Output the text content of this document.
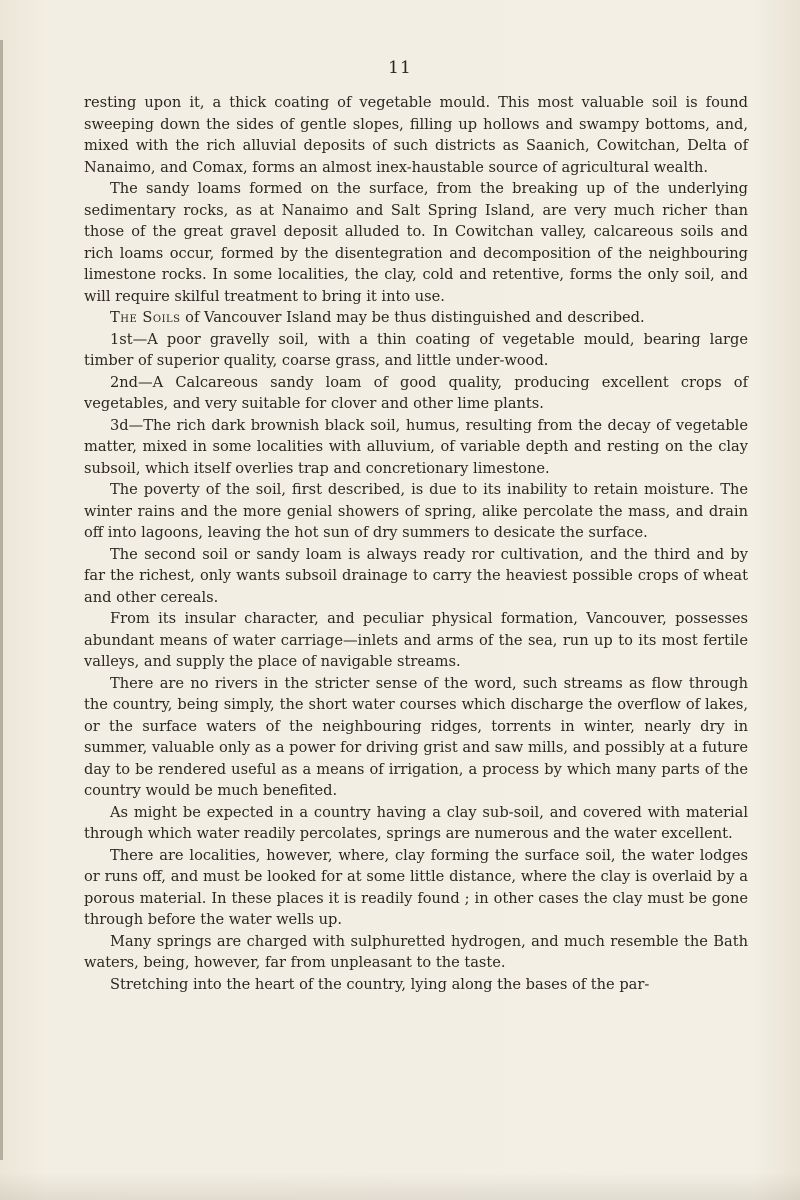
11

resting upon it, a thick coating of vegetable mould. This most valuable soil is found sweeping down the sides of gentle slopes, filling up hollows and swampy bottoms, and, mixed with the rich alluvial deposits of such districts as Saanich, Cowitchan, Delta of Nanaimo, and Comax, forms an almost inex-haustable source of agricultural wealth.

The sandy loams formed on the surface, from the breaking up of the underlying sedimentary rocks, as at Nanaimo and Salt Spring Island, are very much richer than those of the great gravel deposit alluded to. In Cowitchan valley, calcareous soils and rich loams occur, formed by the disentegration and decomposition of the neighbouring limestone rocks. In some localities, the clay, cold and retentive, forms the only soil, and will require skilful treatment to bring it into use.

The Soils of Vancouver Island may be thus distinguished and described.

1st—A poor gravelly soil, with a thin coating of vegetable mould, bearing large timber of superior quality, coarse grass, and little under-wood.

2nd—A Calcareous sandy loam of good quality, producing excellent crops of vegetables, and very suitable for clover and other lime plants.

3d—The rich dark brownish black soil, humus, resulting from the decay of vegetable matter, mixed in some localities with alluvium, of variable depth and resting on the clay subsoil, which itself overlies trap and concretionary limestone.

The poverty of the soil, first described, is due to its inability to retain moisture. The winter rains and the more genial showers of spring, alike percolate the mass, and drain off into lagoons, leaving the hot sun of dry summers to desicate the surface.

The second soil or sandy loam is always ready ror cultivation, and the third and by far the richest, only wants subsoil drainage to carry the heaviest possible crops of wheat and other cereals.

From its insular character, and peculiar physical formation, Vancouver, possesses abundant means of water carriage—inlets and arms of the sea, run up to its most fertile valleys, and supply the place of navigable streams.

There are no rivers in the stricter sense of the word, such streams as flow through the country, being simply, the short water courses which discharge the overflow of lakes, or the surface waters of the neighbouring ridges, torrents in winter, nearly dry in summer, valuable only as a power for driving grist and saw mills, and possibly at a future day to be rendered useful as a means of irrigation, a process by which many parts of the country would be much benefited.

As might be expected in a country having a clay sub-soil, and covered with material through which water readily percolates, springs are numerous and the water excellent.

There are localities, however, where, clay forming the surface soil, the water lodges or runs off, and must be looked for at some little distance, where the clay is overlaid by a porous material. In these places it is readily found ; in other cases the clay must be gone through before the water wells up.

Many springs are charged with sulphuretted hydrogen, and much resemble the Bath waters, being, however, far from unpleasant to the taste.

Stretching into the heart of the country, lying along the bases of the par-
